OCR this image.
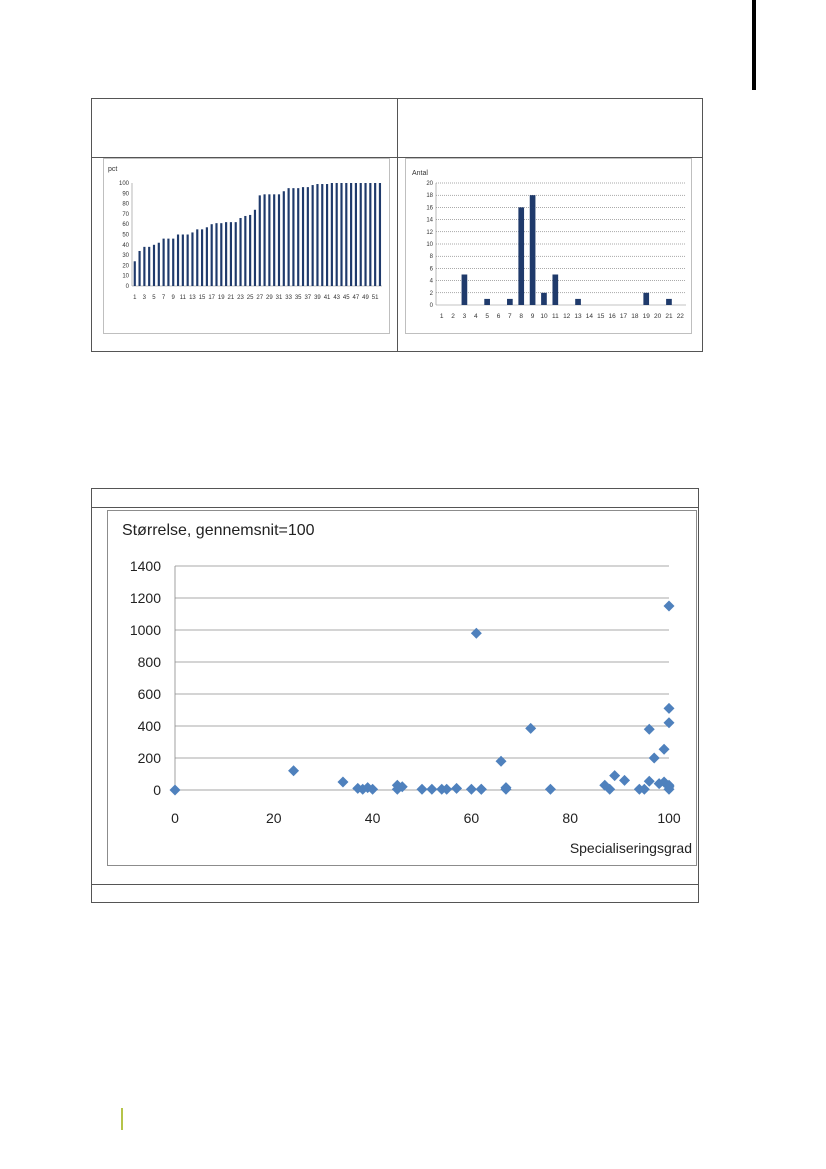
pct
0
10
20
30
40
50
60
70
80
90
100
1 3 5 7 9 11 13 15 17 19 21 23 25 27 29 31 33 35 37 39 41 43 45 47 49 51
Antal
0
2
4
6
8
10
12
14
16
18
20
1 2 3 4 5 6 7 8 9 10 11 12 13 14 15 16 17 18 19 20 21 22
Størrelse, gennemsnit=100
0
200
400
600
800
1000
1200
1400
0	20	40	60	80	100
Specialiseringsgrad
